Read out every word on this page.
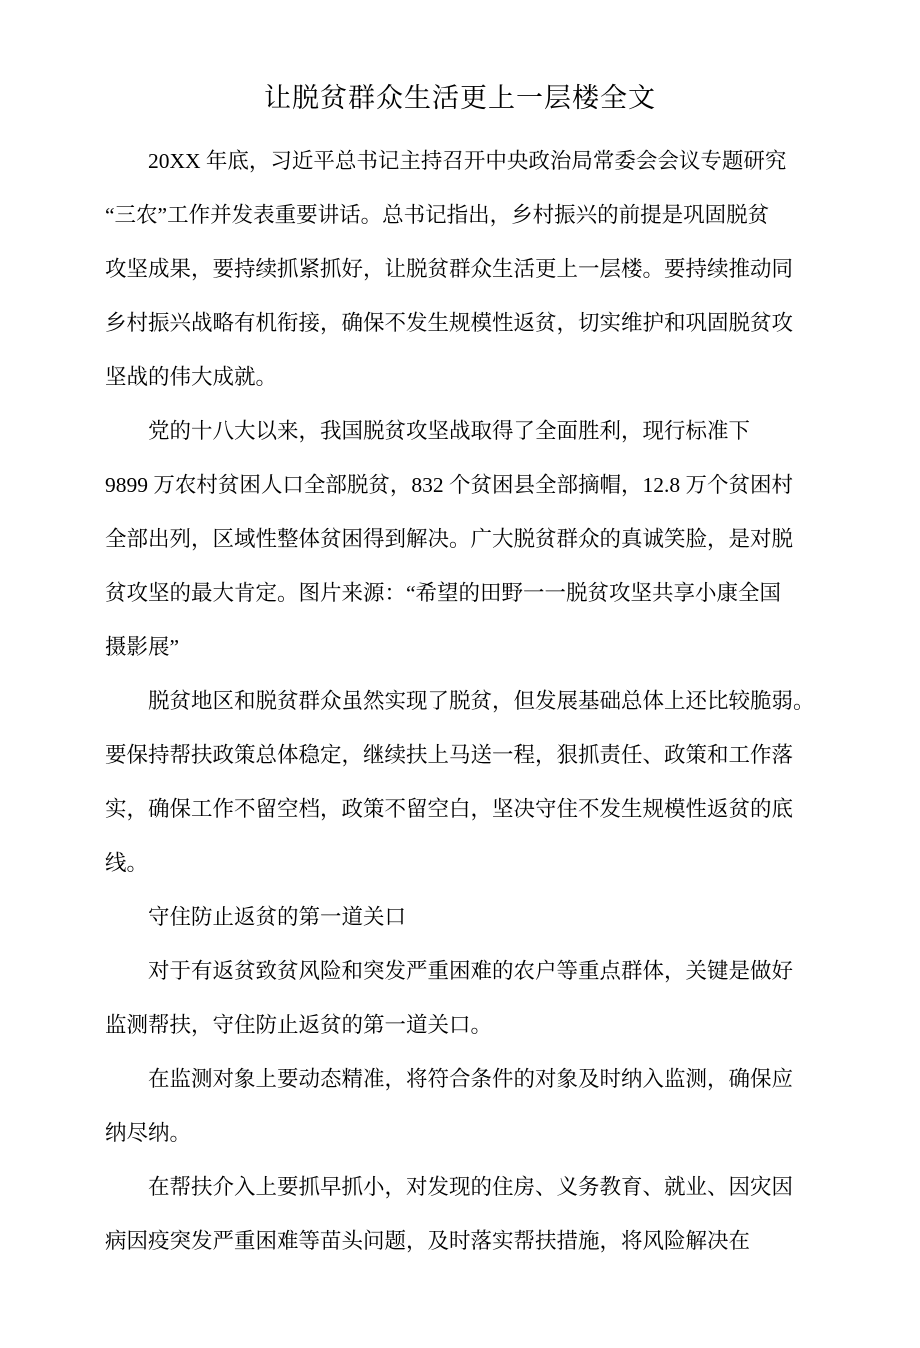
让脱贫群众生活更上一层楼全文
20XX 年底，习近平总书记主持召开中央政治局常委会会议专题研究
“三农”工作并发表重要讲话。总书记指出，乡村振兴的前提是巩固脱贫
攻坚成果，要持续抓紧抓好，让脱贫群众生活更上一层楼。要持续推动同
乡村振兴战略有机衔接，确保不发生规模性返贫，切实维护和巩固脱贫攻
坚战的伟大成就。
党的十八大以来，我国脱贫攻坚战取得了全面胜利，现行标准下
9899 万农村贫困人口全部脱贫，832 个贫困县全部摘帽，12.8 万个贫困村
全部出列，区域性整体贫困得到解决。广大脱贫群众的真诚笑脸，是对脱
贫攻坚的最大肯定。图片来源：“希望的田野一一脱贫攻坚共享小康全国
摄影展”
脱贫地区和脱贫群众虽然实现了脱贫，但发展基础总体上还比较脆弱。
要保持帮扶政策总体稳定，继续扶上马送一程，狠抓责任、政策和工作落
实，确保工作不留空档，政策不留空白，坚决守住不发生规模性返贫的底
线。
守住防止返贫的第一道关口
对于有返贫致贫风险和突发严重困难的农户等重点群体，关键是做好
监测帮扶，守住防止返贫的第一道关口。
在监测对象上要动态精准，将符合条件的对象及时纳入监测，确保应
纳尽纳。
在帮扶介入上要抓早抓小，对发现的住房、义务教育、就业、因灾因
病因疫突发严重困难等苗头问题，及时落实帮扶措施，将风险解决在
